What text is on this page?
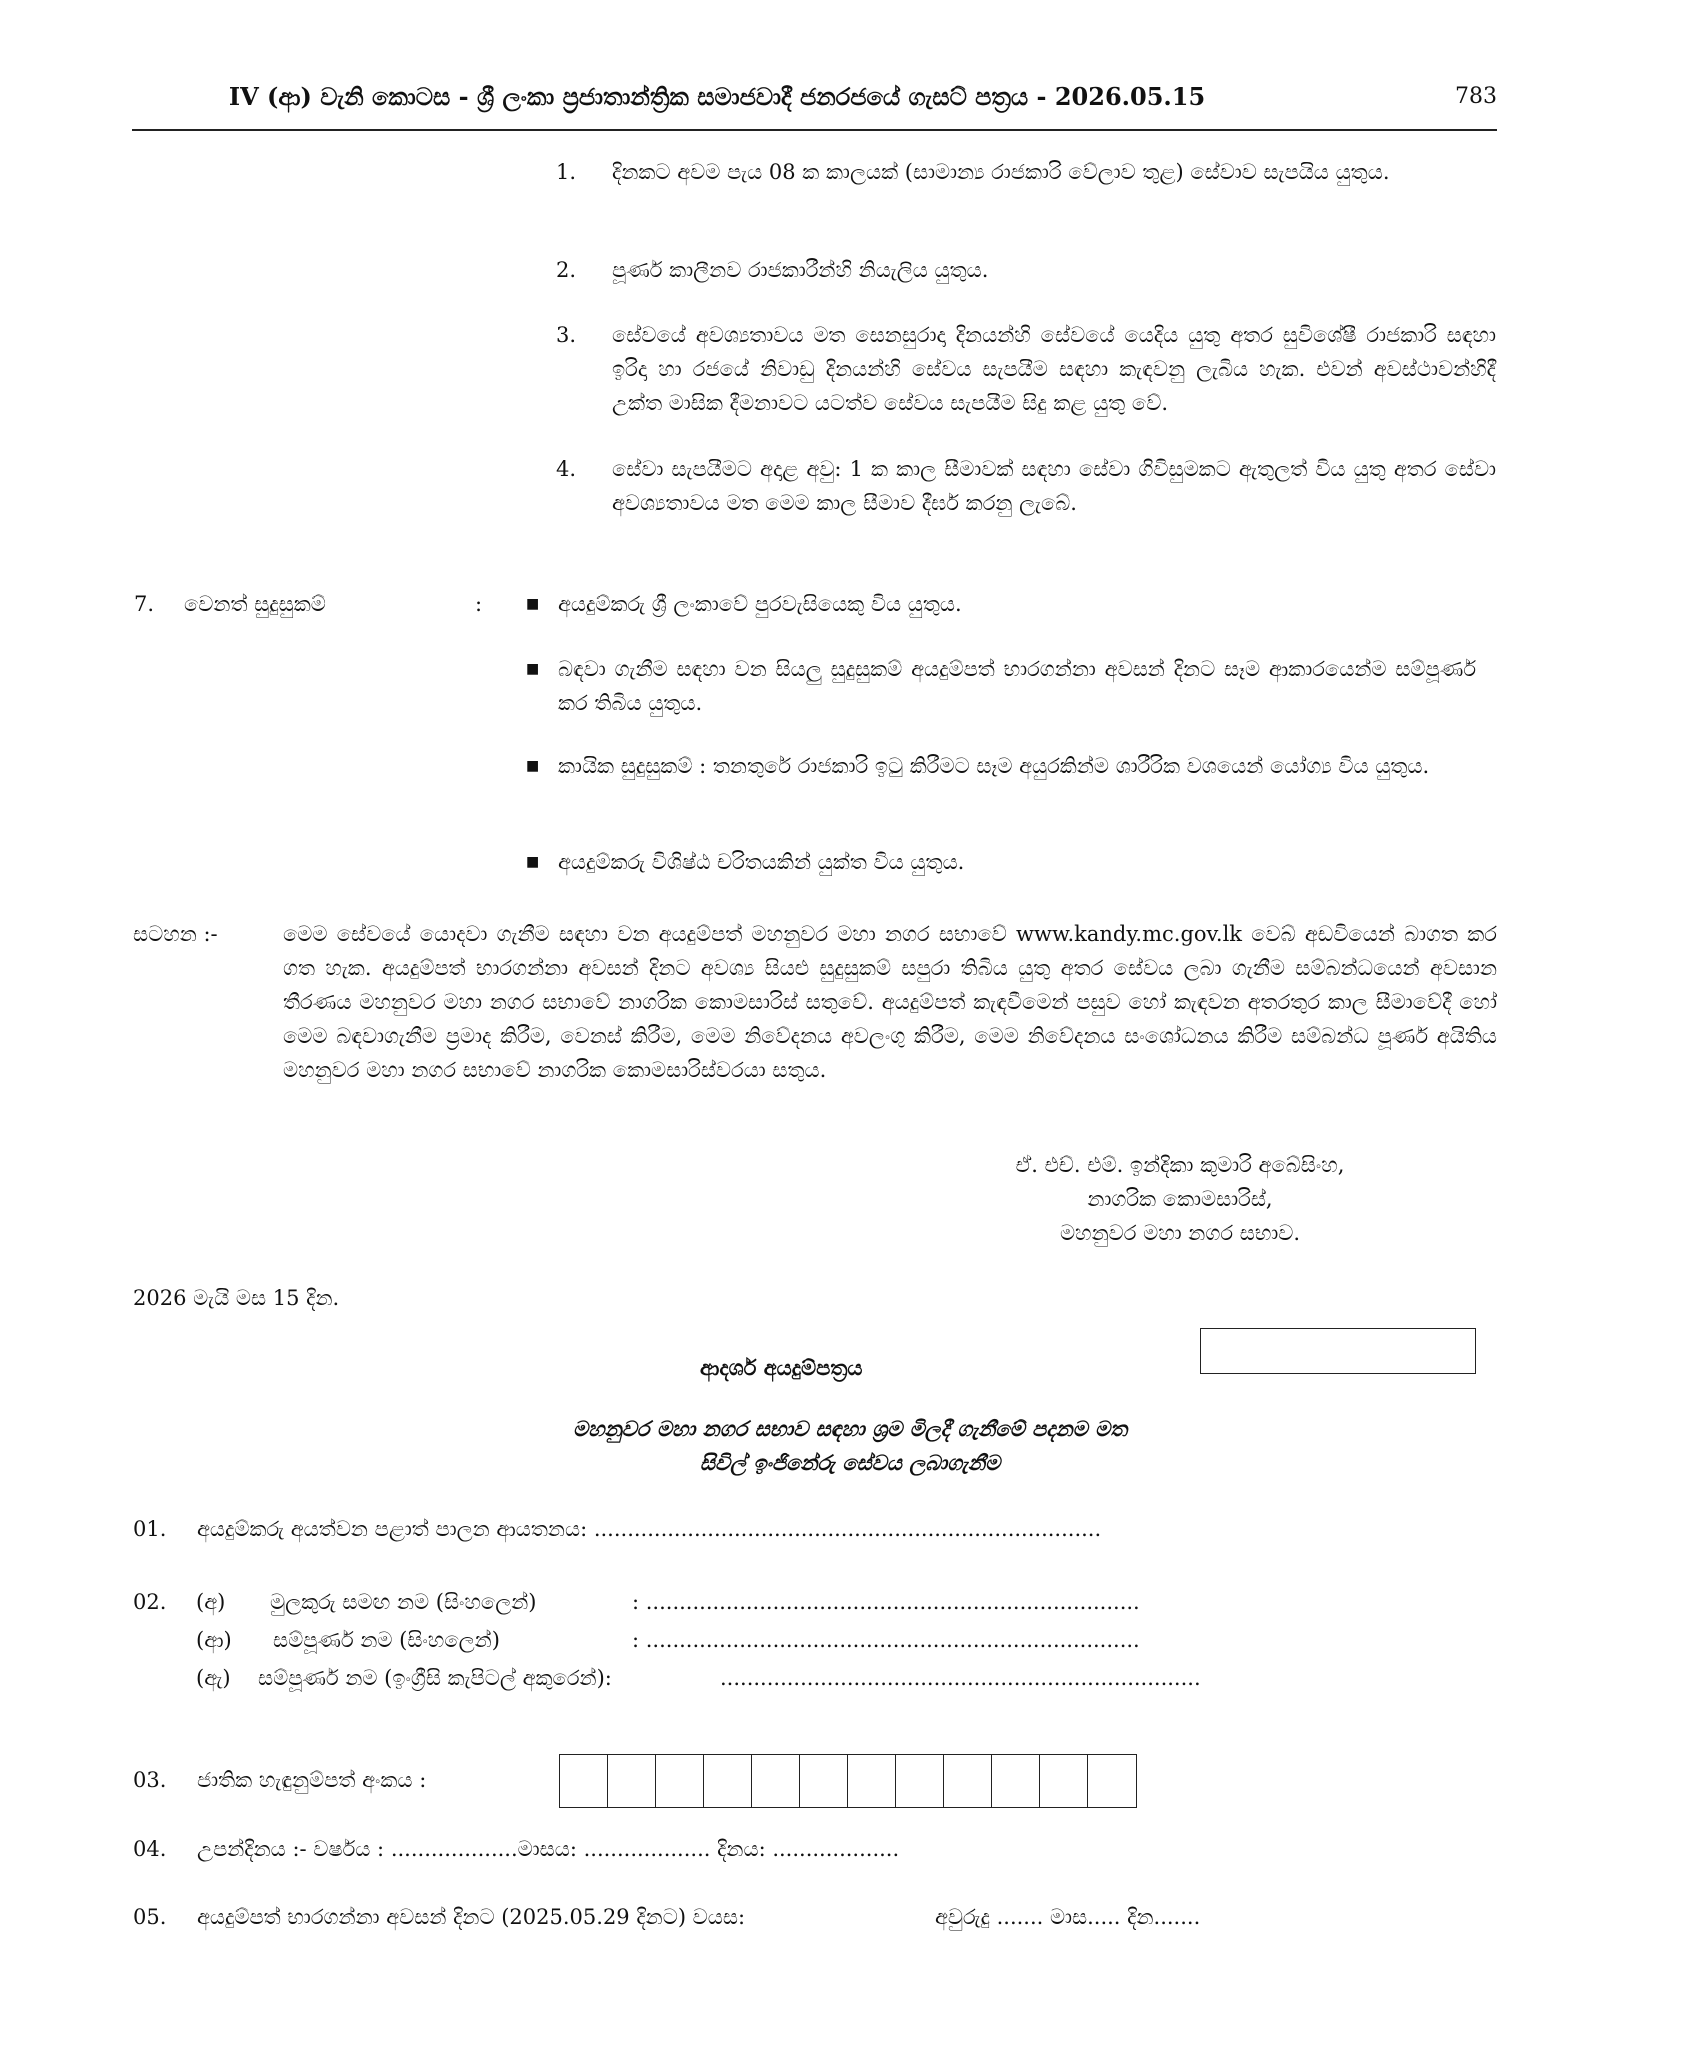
IV (ආ) වැනි කොටස - ශ්‍රී ලංකා ප්‍රජාතාන්ත්‍රික සමාජවාදී ජනරජයේ ගැසට් පත්‍රය - 2026.05.15	783
1.	දිනකට අවම පැය 08 ක කාලයක් (සාමාන්‍ය රාජකාරි වේලාව තුළ) සේවාව සැපයිය යුතුය.
2.	පූර්ණ කාලීනව රාජකාරීන්හි නියැලිය යුතුය.
3.	සේවයේ අවශ්‍යතාවය මත සෙනසුරාදා දිනයන්හි සේවයේ යෙදිය යුතු අතර සුවිශේෂී රාජකාරි සඳහා ඉරිදා හා රජයේ නිවාඩු දිනයන්හි සේවය සැපයීම සඳහා කැඳවනු ලැබිය හැක. එවන් අවස්ථාවන්හිදී උක්ත මාසික දීමනාවට යටත්ව සේවය සැපයීම සිදු කළ යුතු වේ.
4.	සේවා සැපයීමට අදාළ අවු: 1 ක කාල සීමාවක් සඳහා සේවා ගිවිසුමකට ඇතුලත් විය යුතු අතර සේවා අවශ්‍යතාවය මත මෙම කාල සීමාව දීර්ඝ කරනු ලැබේ.
7. වෙනත් සුදුසුකම්	:	■ අයදුම්කරු ශ්‍රී ලංකාවේ පුරවැසියෙකු විය යුතුය.
■ බඳවා ගැනීම සඳහා වන සියලු සුදුසුකම් අයදුම්පත් භාරගන්නා අවසන් දිනට සෑම ආකාරයෙන්ම සම්පූර්ණ කර තිබිය යුතුය.
■ කායික සුදුසුකම් : තනතුරේ රාජකාරි ඉටු කිරීමට සෑම අයුරකින්ම ශාරීරික වශයෙන් යෝග්‍ය විය යුතුය.
■ අයදුම්කරු විශිෂ්ඨ චරිතයකින් යුක්ත විය යුතුය.
සටහන :-	මෙම සේවයේ යොදවා ගැනීම සඳහා වන අයදුම්පත් මහනුවර මහා නගර සභාවේ www.kandy.mc.gov.lk වෙබ් අඩවියෙන් බාගත කර ගත හැක. අයදුම්පත් භාරගන්නා අවසන් දිනට අවශ්‍ය සියළු සුදුසුකම් සපුරා තිබිය යුතු අතර සේවය ලබා ගැනීම සම්බන්ධයෙන් අවසාන තීරණය මහනුවර මහා නගර සභාවේ නාගරික කොමසාරිස් සතුවේ. අයදුම්පත් කැඳවීමෙන් පසුව හෝ කැඳවන අතරතුර කාල සීමාවේදී හෝ මෙම බඳවාගැනීම ප්‍රමාද කිරීම, වෙනස් කිරීම, මෙම නිවේදනය අවලංගු කිරීම, මෙම නිවේදනය සංශෝධනය කිරීම සම්බන්ධ පූර්ණ අයිතිය මහනුවර මහා නගර සභාවේ නාගරික කොමසාරිස්වරයා සතුය.
ඒ. එච්. එම්. ඉන්දිකා කුමාරි අබේසිංහ,
නාගරික කොමසාරිස්,
මහනුවර මහා නගර සභාව.
2026 මැයි මස 15 දින.
ආදර්ශ අයදුම්පත්‍රය
මහනුවර මහා නගර සභාව සඳහා ශ්‍රම මිලදී ගැනීමේ පදනම මත
සිවිල් ඉංජිනේරු සේවය ලබාගැනීම
01. අයදුම්කරු අයත්වන පළාත් පාලන ආයතනය: ............................................................................
02. (අ) මුලකුරු සමඟ නම (සිංහලෙන්)	: ..........................................................................
(ආ) සම්පූර්ණ නම (සිංහලෙන්)	: ..........................................................................
(ඇ) සම්පූර්ණ නම (ඉංග්‍රීසි කැපිටල් අකුරෙන්):	........................................................................
03. ජාතික හැඳුනුම්පත් අංකය :
04. උපන්දිනය :- වර්ෂය : ...................මාසය: ................... දිනය: ...................
05. අයදුම්පත් භාරගන්නා අවසන් දිනට (2025.05.29 දිනට) වයස:	අවුරුදු ....... මාස..... දින.......
